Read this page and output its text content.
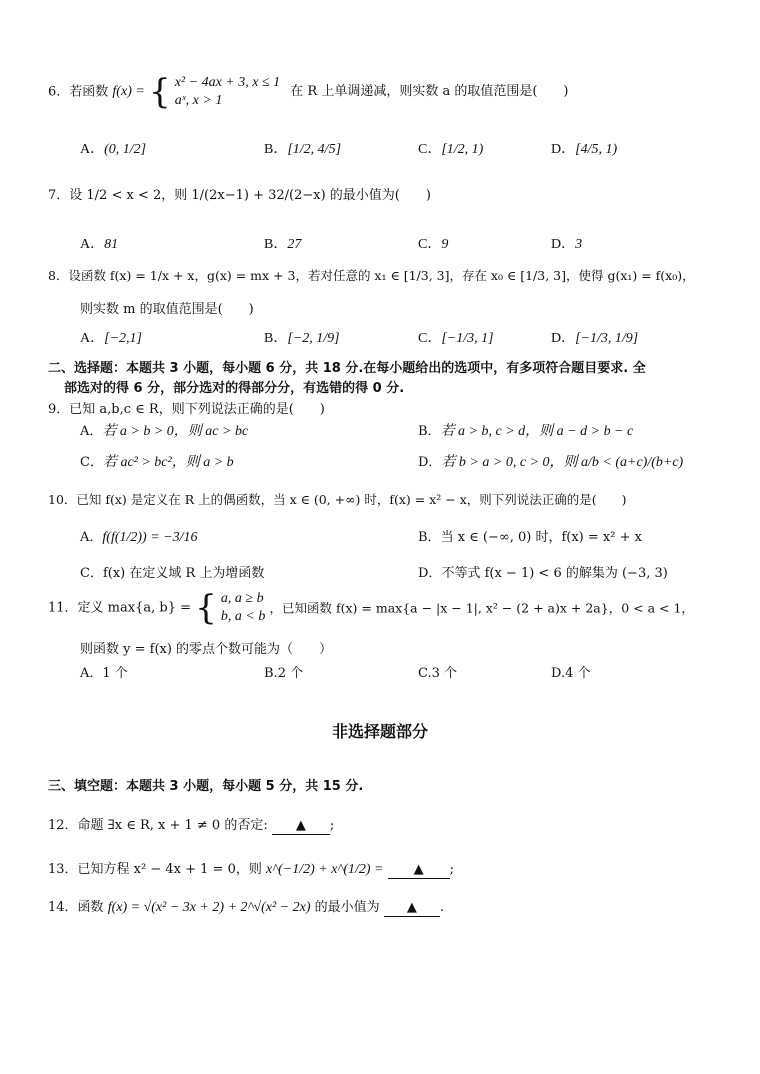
6．若函数 f(x) = { x² − 4ax + 3, x ≤ 1
aˣ, x > 1
在 R 上单调递减，则实数 a 的取值范围是(　　)
A．(0, 1/2]	B．[1/2, 4/5]	C．[1/2, 1)	D．[4/5, 1)
7．设 1/2 < x < 2，则 1/(2x−1) + 32/(2−x) 的最小值为(　　)
A．81	B．27	C．9	D．3
8．设函数 f(x) = 1/x + x，g(x) = mx + 3，若对任意的 x₁ ∈ [1/3, 3]，存在 x₀ ∈ [1/3, 3]，使得 g(x₁) = f(x₀)，
则实数 m 的取值范围是(　　)
A．[−2,1]	B．[−2, 1/9]	C．[−1/3, 1]	D．[−1/3, 1/9]
二、选择题：本题共 3 小题，每小题 6 分，共 18 分.在每小题给出的选项中，有多项符合题目要求. 全
部选对的得 6 分，部分选对的得部分分，有选错的得 0 分.
9．已知 a,b,c ∈ R，则下列说法正确的是(　　)
A．若 a > b > 0，则 ac > bc	B．若 a > b, c > d，则 a − d > b − c
C．若 ac² > bc²，则 a > b	D．若 b > a > 0, c > 0，则 a/b < (a+c)/(b+c)
10．已知 f(x) 是定义在 R 上的偶函数，当 x ∈ (0, +∞) 时，f(x) = x² − x，则下列说法正确的是(　　)
A．f(f(1/2)) = −3/16	B．当 x ∈ (−∞, 0) 时，f(x) = x² + x
C．f(x) 在定义域 R 上为增函数	D．不等式 f(x − 1) < 6 的解集为 (−3, 3)
11．定义 max{a, b} = { a, a ≥ b
b, a < b
，已知函数 f(x) = max{a − |x − 1|, x² − (2 + a)x + 2a}，0 < a < 1，
则函数 y = f(x) 的零点个数可能为（　　）
A．1 个	B.2 个	C.3 个	D.4 个
非选择题部分
三、填空题：本题共 3 小题，每小题 5 分，共 15 分.
12．命题 ∃x ∈ R, x + 1 ≠ 0 的否定: ▲ ;
13．已知方程 x² − 4x + 1 = 0，则 x^(−1/2) + x^(1/2) = ▲ ;
14．函数 f(x) = √(x² − 3x + 2) + 2^√(x² − 2x) 的最小值为 ▲ .
